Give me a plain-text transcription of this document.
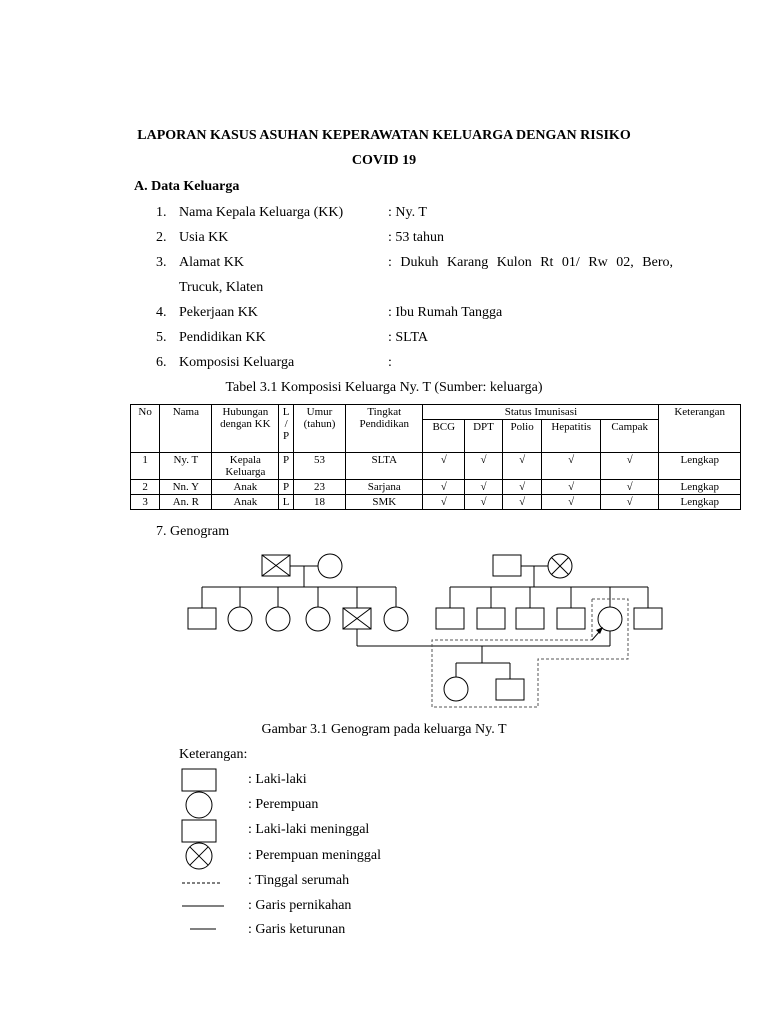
LAPORAN KASUS ASUHAN KEPERAWATAN KELUARGA DENGAN RISIKO
COVID 19
A. Data Keluarga
1. Nama Kepala Keluarga (KK)	: Ny. T
2. Usia KK	: 53 tahun
3. Alamat KK	: Dukuh Karang Kulon Rt 01/ Rw 02, Bero,
Trucuk, Klaten
4. Pekerjaan KK	: Ibu Rumah Tangga
5. Pendidikan KK	: SLTA
6. Komposisi Keluarga	:
Tabel 3.1 Komposisi Keluarga Ny. T (Sumber: keluarga)
No	Nama	Hubungan dengan KK	L / P	Umur (tahun)	Tingkat Pendidikan	Status Imunisasi					Keterangan
						BCG	DPT	Polio	Hepatitis	Campak	
1	Ny. T	Kepala Keluarga	P	53	SLTA	√	√	√	√	√	Lengkap
2	Nn. Y	Anak	P	23	Sarjana	√	√	√	√	√	Lengkap
3	An. R	Anak	L	18	SMK	√	√	√	√	√	Lengkap
7. Genogram
Gambar 3.1 Genogram pada keluarga Ny. T
Keterangan:
: Laki-laki
: Perempuan
: Laki-laki meninggal
: Perempuan meninggal
: Tinggal serumah
: Garis pernikahan
: Garis keturunan
